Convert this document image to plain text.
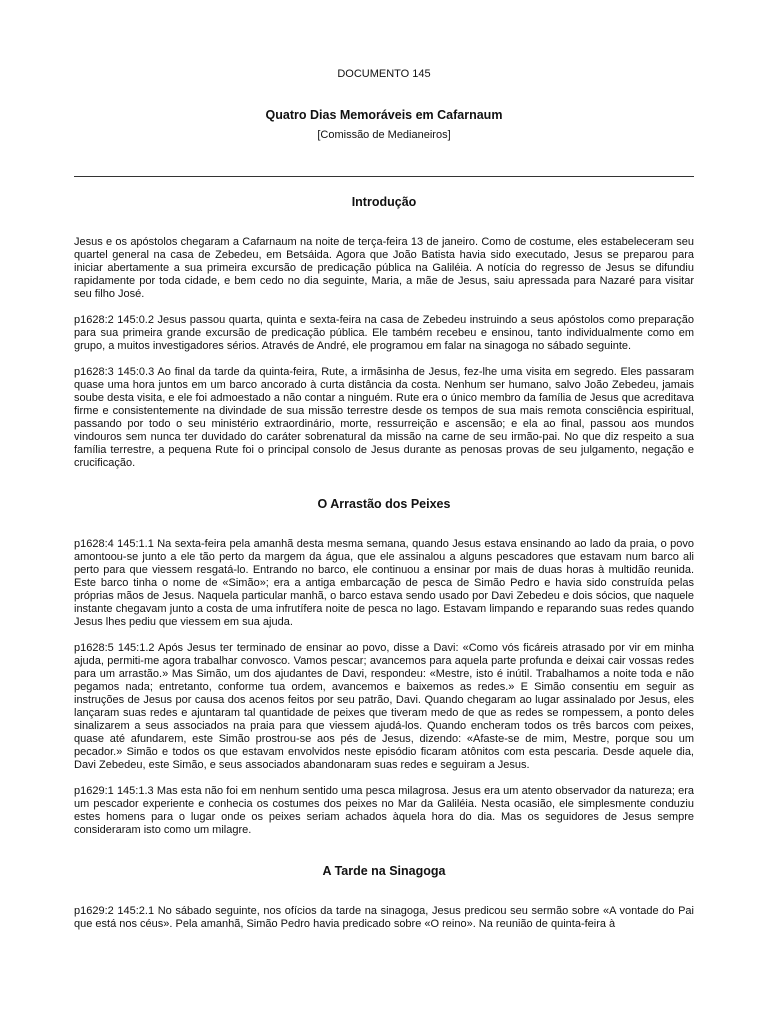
DOCUMENTO 145
Quatro Dias Memoráveis em Cafarnaum
[Comissão de Medianeiros]
Introdução

Jesus e os apóstolos chegaram a Cafarnaum na noite de terça-feira 13 de janeiro. Como de costume, eles estabeleceram seu quartel general na casa de Zebedeu, em Betsáida. Agora que João Batista havia sido executado, Jesus se preparou para iniciar abertamente a sua primeira excursão de predicação pública na Galiléia. A notícia do regresso de Jesus se difundiu rapidamente por toda cidade, e bem cedo no dia seguinte, Maria, a mãe de Jesus, saiu apressada para Nazaré para visitar seu filho José.

p1628:2 145:0.2 Jesus passou quarta, quinta e sexta-feira na casa de Zebedeu instruindo a seus apóstolos como preparação para sua primeira grande excursão de predicação pública. Ele também recebeu e ensinou, tanto individualmente como em grupo, a muitos investigadores sérios. Através de André, ele programou em falar na sinagoga no sábado seguinte.

p1628:3 145:0.3 Ao final da tarde da quinta-feira, Rute, a irmãsinha de Jesus, fez-lhe uma visita em segredo. Eles passaram quase uma hora juntos em um barco ancorado à curta distância da costa. Nenhum ser humano, salvo João Zebedeu, jamais soube desta visita, e ele foi admoestado a não contar a ninguém. Rute era o único membro da família de Jesus que acreditava firme e consistentemente na divindade de sua missão terrestre desde os tempos de sua mais remota consciência espiritual, passando por todo o seu ministério extraordinário, morte, ressurreição e ascensão; e ela ao final, passou aos mundos vindouros sem nunca ter duvidado do caráter sobrenatural da missão na carne de seu irmão-pai. No que diz respeito a sua família terrestre, a pequena Rute foi o principal consolo de Jesus durante as penosas provas de seu julgamento, negação e crucificação.

O Arrastão dos Peixes

p1628:4 145:1.1 Na sexta-feira pela amanhã desta mesma semana, quando Jesus estava ensinando ao lado da praia, o povo amontoou-se junto a ele tão perto da margem da água, que ele assinalou a alguns pescadores que estavam num barco ali perto para que viessem resgatá-lo. Entrando no barco, ele continuou a ensinar por mais de duas horas à multidão reunida. Este barco tinha o nome de «Simão»; era a antiga embarcação de pesca de Simão Pedro e havia sido construída pelas próprias mãos de Jesus. Naquela particular manhã, o barco estava sendo usado por Davi Zebedeu e dois sócios, que naquele instante chegavam junto a costa de uma infrutífera noite de pesca no lago. Estavam limpando e reparando suas redes quando Jesus lhes pediu que viessem em sua ajuda.

p1628:5 145:1.2 Após Jesus ter terminado de ensinar ao povo, disse a Davi: «Como vós ficáreis atrasado por vir em minha ajuda, permiti-me agora trabalhar convosco. Vamos pescar; avancemos para aquela parte profunda e deixai cair vossas redes para um arrastão.» Mas Simão, um dos ajudantes de Davi, respondeu: «Mestre, isto é inútil. Trabalhamos a noite toda e não pegamos nada; entretanto, conforme tua ordem, avancemos e baixemos as redes.» E Simão consentiu em seguir as instruções de Jesus por causa dos acenos feitos por seu patrão, Davi. Quando chegaram ao lugar assinalado por Jesus, eles lançaram suas redes e ajuntaram tal quantidade de peixes que tiveram medo de que as redes se rompessem, a ponto deles sinalizarem a seus associados na praia para que viessem ajudá-los. Quando encheram todos os três barcos com peixes, quase até afundarem, este Simão prostrou-se aos pés de Jesus, dizendo: «Afaste-se de mim, Mestre, porque sou um pecador.» Simão e todos os que estavam envolvidos neste episódio ficaram atônitos com esta pescaria. Desde aquele dia, Davi Zebedeu, este Simão, e seus associados abandonaram suas redes e seguiram a Jesus.

p1629:1 145:1.3 Mas esta não foi em nenhum sentido uma pesca milagrosa. Jesus era um atento observador da natureza; era um pescador experiente e conhecia os costumes dos peixes no Mar da Galiléia. Nesta ocasião, ele simplesmente conduziu estes homens para o lugar onde os peixes seriam achados àquela hora do dia. Mas os seguidores de Jesus sempre consideraram isto como um milagre.

A Tarde na Sinagoga

p1629:2 145:2.1 No sábado seguinte, nos ofícios da tarde na sinagoga, Jesus predicou seu sermão sobre «A vontade do Pai que está nos céus». Pela amanhã, Simão Pedro havia predicado sobre «O reino». Na reunião de quinta-feira à
